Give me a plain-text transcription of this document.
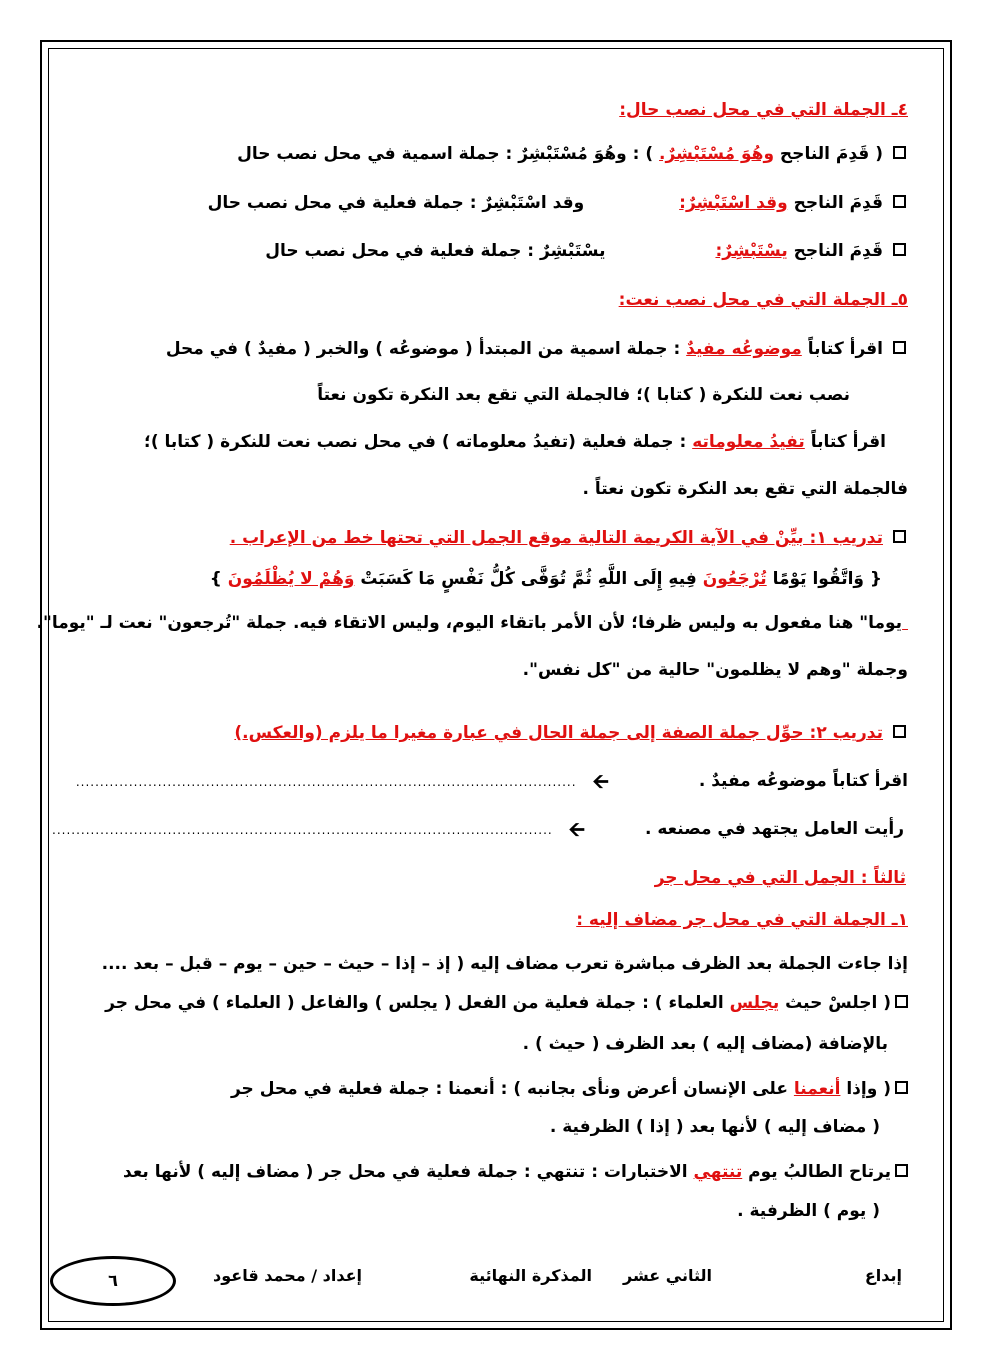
٤ـ الجملة التي في محل نصب حال:
( قَدِمَ الناجح وهُوَ مُسْتَبْشِرٌ. ) : وهُوَ مُسْتَبْشِرٌ : جملة اسمية في محل نصب حال
قَدِمَ الناجح وقد اسْتَبْشِرٌ:وقد اسْتَبْشِرٌ : جملة فعلية في محل نصب حال
قَدِمَ الناجح يسْتَبْشِرٌ:يسْتَبْشِرٌ : جملة فعلية في محل نصب حال
٥ـ الجملة التي في محل نصب نعت:
اقرأ كتاباً موضوعُه مفيدٌ : جملة اسمية من المبتدأ ( موضوعُه ) والخبر ( مفيدٌ ) في محل
نصب نعت للنكرة ( كتابا )؛ فالجملة التي تقع بعد النكرة تكون نعتاً
اقرأ كتاباً تفيدُ معلوماته : جملة فعلية (تفيدُ معلوماته ) في محل نصب نعت للنكرة ( كتابا )؛
فالجملة التي تقع بعد النكرة تكون نعتاً .
تدريب ١: بيِّنْ في الآية الكريمة التالية موقع الجمل التي تحتها خط من الإعراب .
{ وَاتَّقُوا يَوْمًا تُرْجَعُونَ فِيهِ إِلَى اللَّهِ ثُمَّ تُوَفَّى كُلُّ نَفْسٍ مَا كَسَبَتْ وَهُمْ لا يُظْلَمُونَ }
يوما" هنا مفعول به وليس ظرفا؛ لأن الأمر باتقاء اليوم، وليس الاتقاء فيه. جملة "تُرجعون" نعت لـ "يوما".
وجملة "وهم لا يظلمون" حالية من "كل نفس".
تدريب ٢: حوِّل جملة الصفة إلى جملة الحال في عبارة مغيرا ما يلزم (والعكس.)
اقرأ كتاباً موضوعُه مفيدٌ .🡨........................................................................................................
رأيت العامل يجتهد في مصنعه .🡨........................................................................................................
ثالثاً : الجمل التي في محل جر
١ـ الجملة التي في محل جر مضاف إليه :
إذا جاءت الجملة بعد الظرف مباشرة تعرب مضاف إليه ( إذ – إذا – حيث – حين – يوم – قبل – بعد ....
( اجلسْ حيث يجلس العلماء ) : جملة فعلية من الفعل ( يجلس ) والفاعل ( العلماء ) في محل جر
بالإضافة (مضاف إليه ) بعد الظرف ( حيث ) .
( وإذا أنعمنا على الإنسان أعرض ونأى بجانبه ) : أنعمنا : جملة فعلية في محل جر
( مضاف إليه ) لأنها بعد ( إذا ) الظرفية .
يرتاح الطالبُ يوم تنتهي الاختبارات : تنتهي : جملة فعلية في محل جر ( مضاف إليه ) لأنها بعد
( يوم ) الظرفية .
إبداع
الثاني عشر
المذكرة النهائية
إعداد / محمد قاعود
٦
